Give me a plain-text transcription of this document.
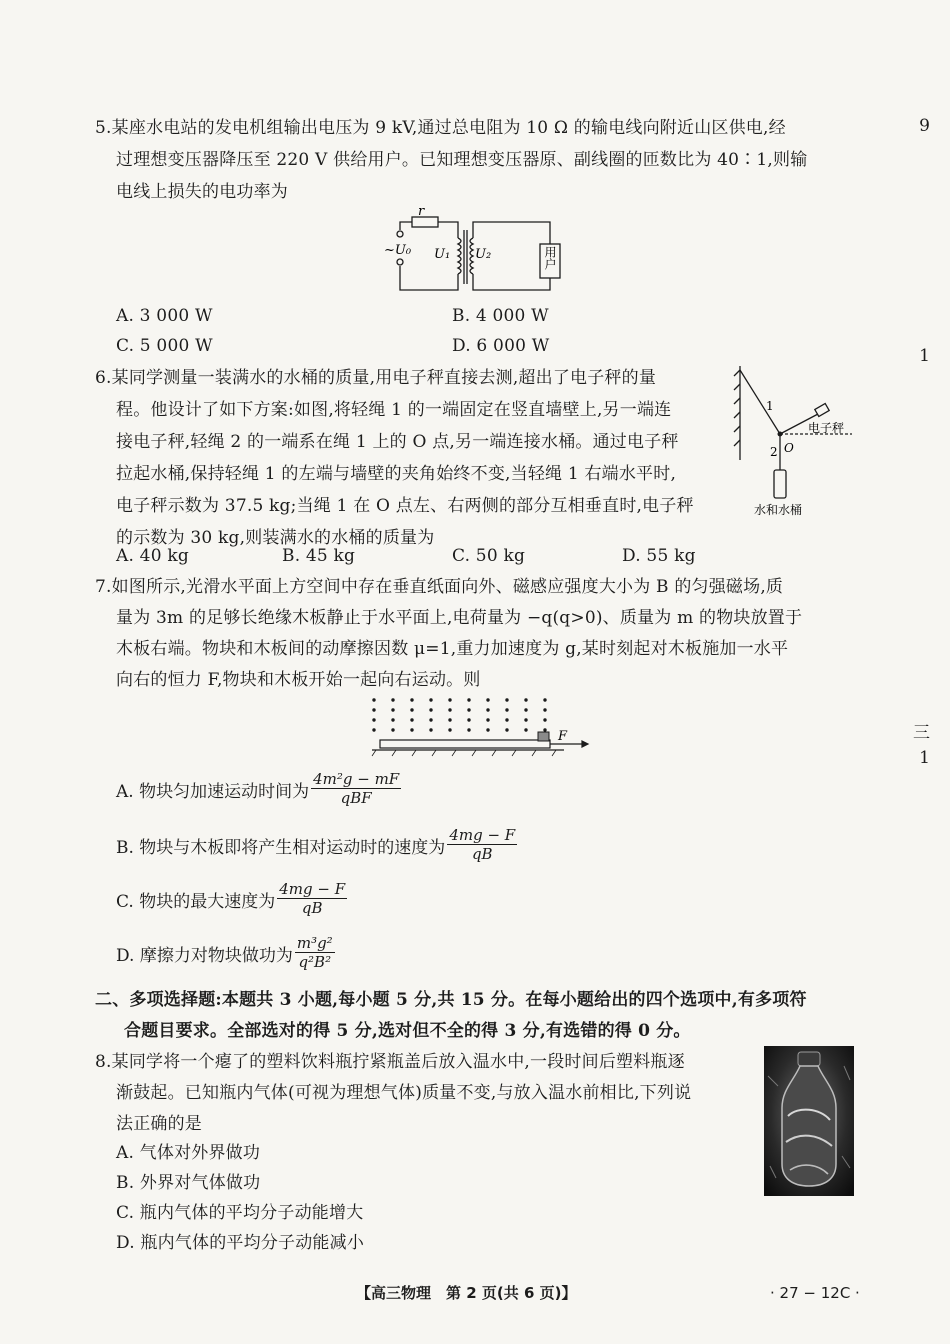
5.某座水电站的发电机组输出电压为 9 kV,通过总电阻为 10 Ω 的输电线向附近山区供电,经
过理想变压器降压至 220 V 供给用户。已知理想变压器原、副线圈的匝数比为 40∶1,则输
电线上损失的电功率为
r
~U₀ U₁ U₂	用户
A. 3 000 W	B. 4 000 W
C. 5 000 W	D. 6 000 W
6.某同学测量一装满水的水桶的质量,用电子秤直接去测,超出了电子秤的量
程。他设计了如下方案:如图,将轻绳 1 的一端固定在竖直墙壁上,另一端连
接电子秤,轻绳 2 的一端系在绳 1 上的 O 点,另一端连接水桶。通过电子秤
拉起水桶,保持轻绳 1 的左端与墙壁的夹角始终不变,当轻绳 1 右端水平时,
电子秤示数为 37.5 kg;当绳 1 在 O 点左、右两侧的部分互相垂直时,电子秤
的示数为 30 kg,则装满水的水桶的质量为
1
2 O
电子秤
水和水桶
A. 40 kg	B. 45 kg	C. 50 kg	D. 55 kg
7.如图所示,光滑水平面上方空间中存在垂直纸面向外、磁感应强度大小为 B 的匀强磁场,质
量为 3m 的足够长绝缘木板静止于水平面上,电荷量为 −q(q>0)、质量为 m 的物块放置于
木板右端。物块和木板间的动摩擦因数 μ=1,重力加速度为 g,某时刻起对木板施加一水平
向右的恒力 F,物块和木板开始一起向右运动。则
F
A. 物块匀加速运动时间为 $\frac{\text{4m²g − mF}}{\text{qBF}}$
B. 物块与木板即将产生相对运动时的速度为 $\frac{4mg - F}{qB}$
C. 物块的最大速度为 $\frac{4mg - F}{qB}$
D. 摩擦力对物块做功为 $\frac{\text{m³g²}}{\text{q²B²}}$
二、多项选择题:本题共 3 小题,每小题 5 分,共 15 分。在每小题给出的四个选项中,有多项符
合题目要求。全部选对的得 5 分,选对但不全的得 3 分,有选错的得 0 分。
8.某同学将一个瘪了的塑料饮料瓶拧紧瓶盖后放入温水中,一段时间后塑料瓶逐
渐鼓起。已知瓶内气体(可视为理想气体)质量不变,与放入温水前相比,下列说
法正确的是
A. 气体对外界做功
B. 外界对气体做功
C. 瓶内气体的平均分子动能增大
D. 瓶内气体的平均分子动能减小
9
1
三
1
【高三物理　第 2 页(共 6 页)】	· 27 − 12C ·
